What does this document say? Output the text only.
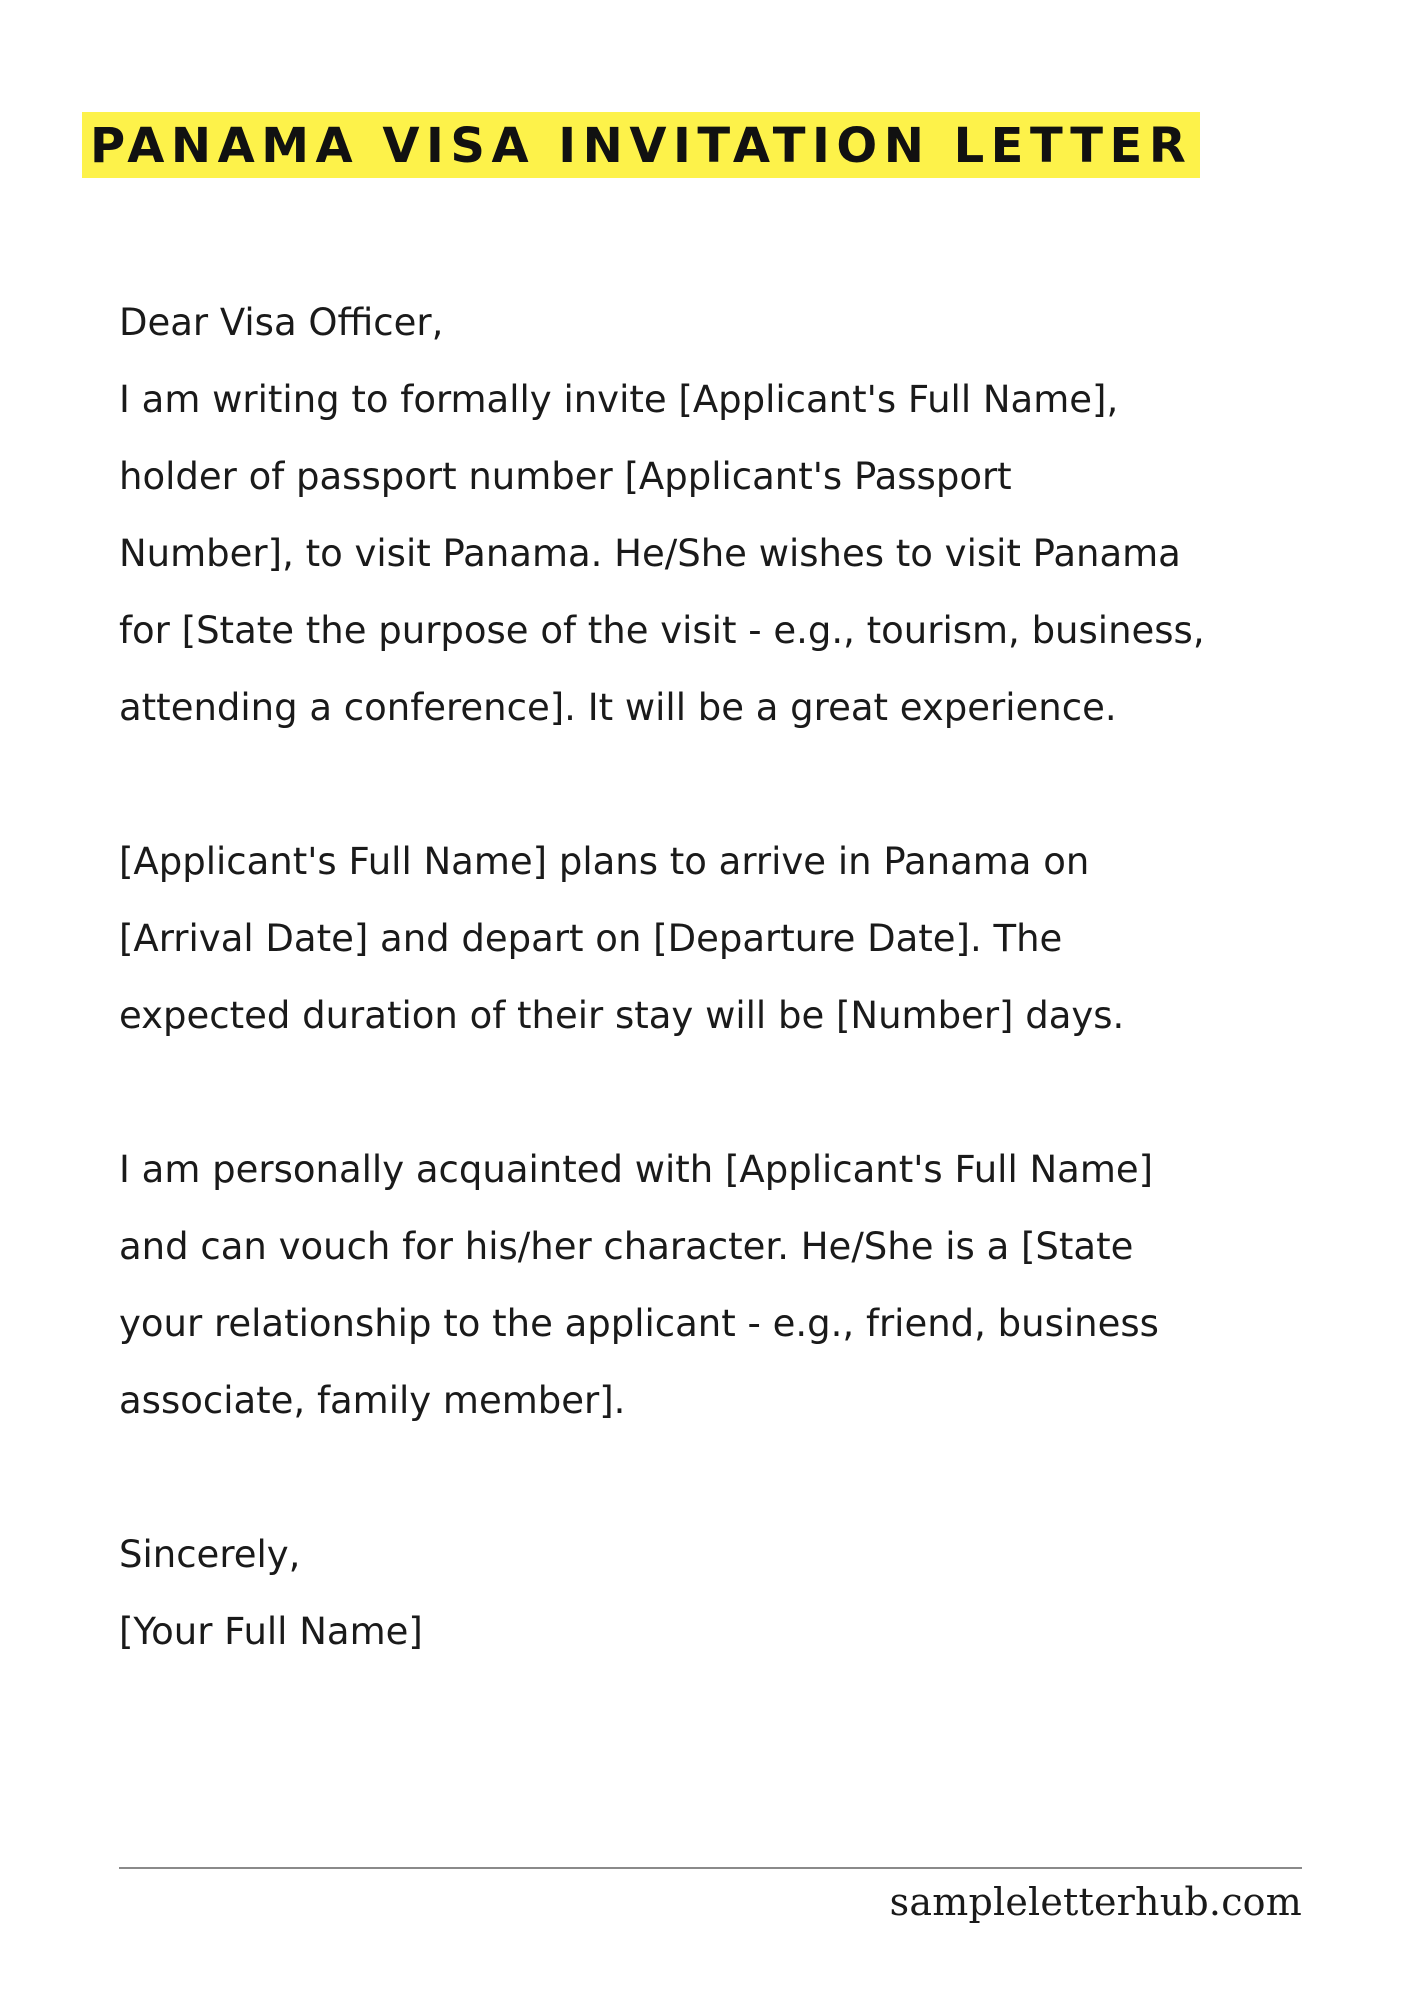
PANAMA VISA INVITATION LETTER

Dear Visa Officer,

I am writing to formally invite [Applicant's Full Name],
holder of passport number [Applicant's Passport
Number], to visit Panama. He/She wishes to visit Panama
for [State the purpose of the visit - e.g., tourism, business,
attending a conference]. It will be a great experience.
[Applicant's Full Name] plans to arrive in Panama on
[Arrival Date] and depart on [Departure Date]. The
expected duration of their stay will be [Number] days.
I am personally acquainted with [Applicant's Full Name]
and can vouch for his/her character. He/She is a [State
your relationship to the applicant - e.g., friend, business
associate, family member].
Sincerely,
[Your Full Name]
sampleletterhub.com
